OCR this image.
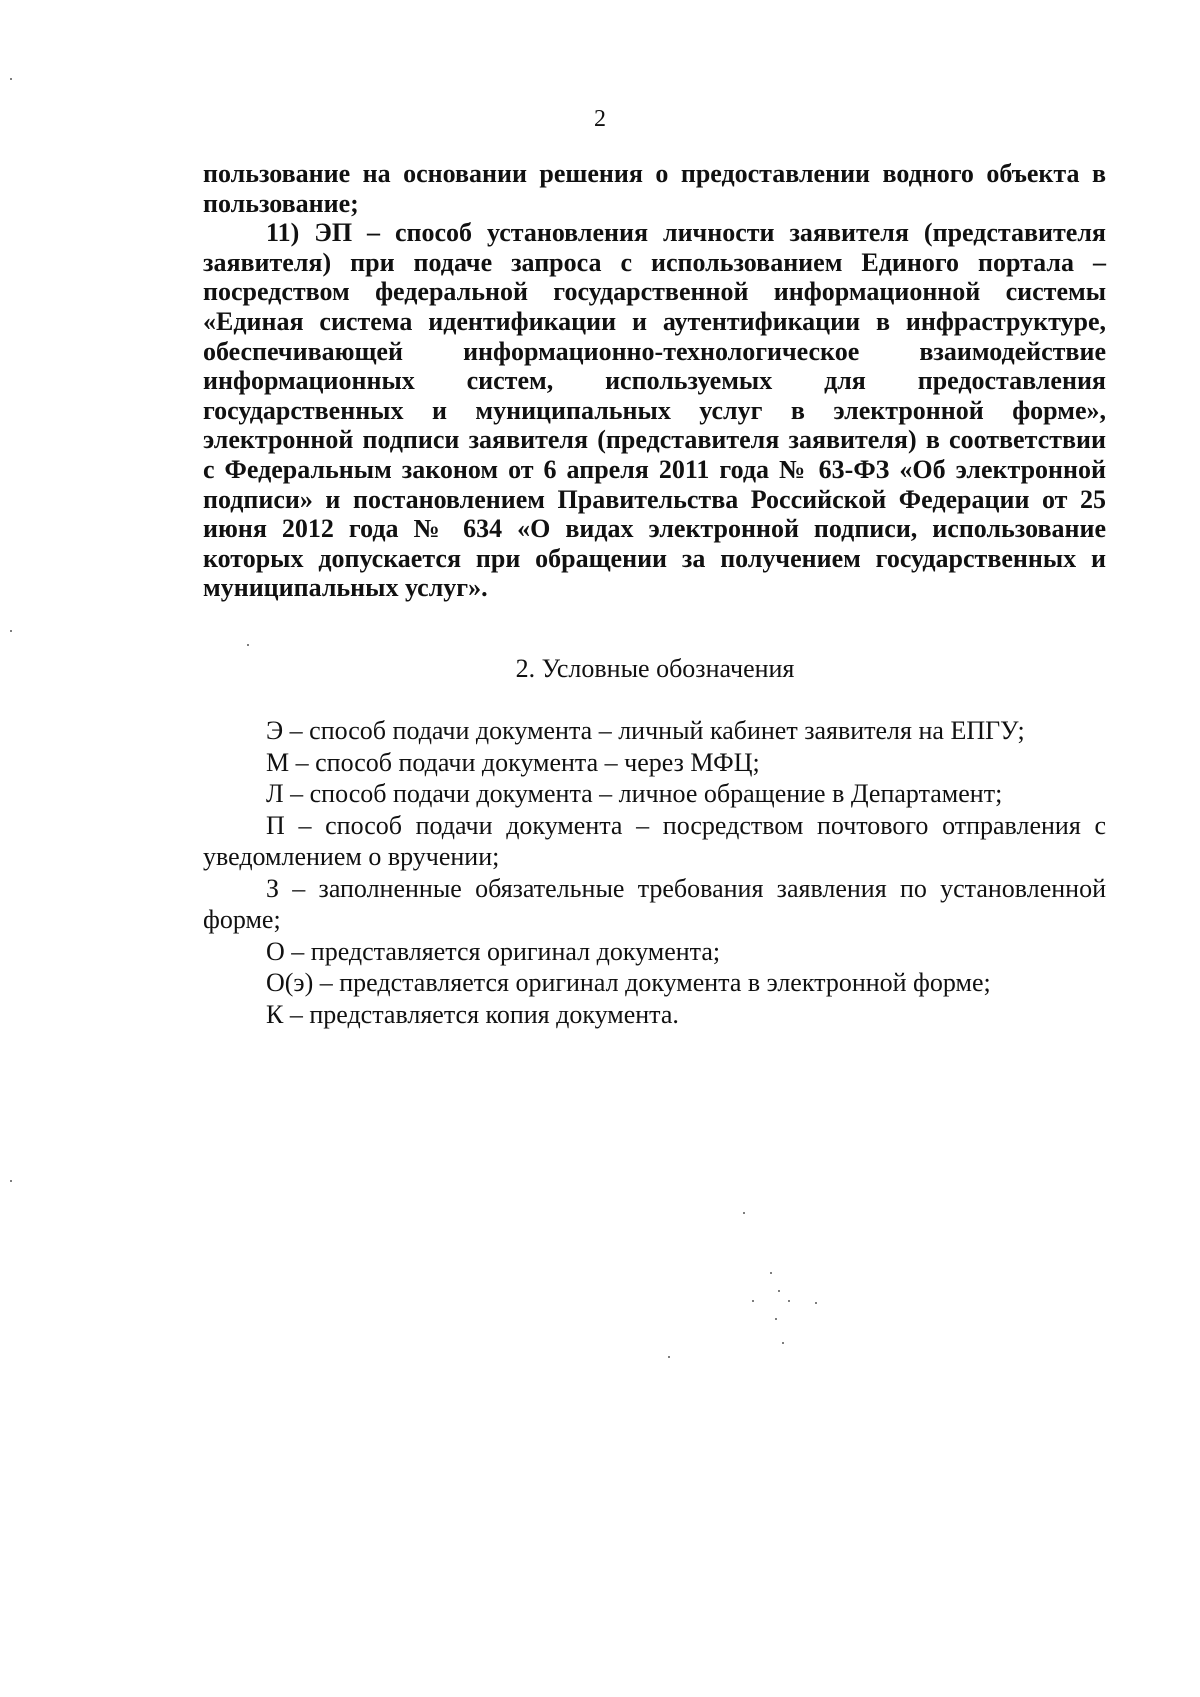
2

пользование на основании решения о предоставлении водного объекта в пользование;

11) ЭП – способ установления личности заявителя (представителя заявителя) при подаче запроса с использованием Единого портала – посредством федеральной государственной информационной системы «Единая система идентификации и аутентификации в инфраструктуре, обеспечивающей информационно-технологическое взаимодействие информационных систем, используемых для предоставления государственных и муниципальных услуг в электронной форме», электронной подписи заявителя (представителя заявителя) в соответствии с Федеральным законом от 6 апреля 2011 года № 63-ФЗ «Об электронной подписи» и постановлением Правительства Российской Федерации от 25 июня 2012 года № 634 «О видах электронной подписи, использование которых допускается при обращении за получением государственных и муниципальных услуг».

2. Условные обозначения

Э – способ подачи документа – личный кабинет заявителя на ЕПГУ;

М – способ подачи документа – через МФЦ;

Л – способ подачи документа – личное обращение в Департамент;

П – способ подачи документа – посредством почтового отправления с уведомлением о вручении;

З – заполненные обязательные требования заявления по установленной форме;

О – представляется оригинал документа;

О(э) – представляется оригинал документа в электронной форме;

К – представляется копия документа.
